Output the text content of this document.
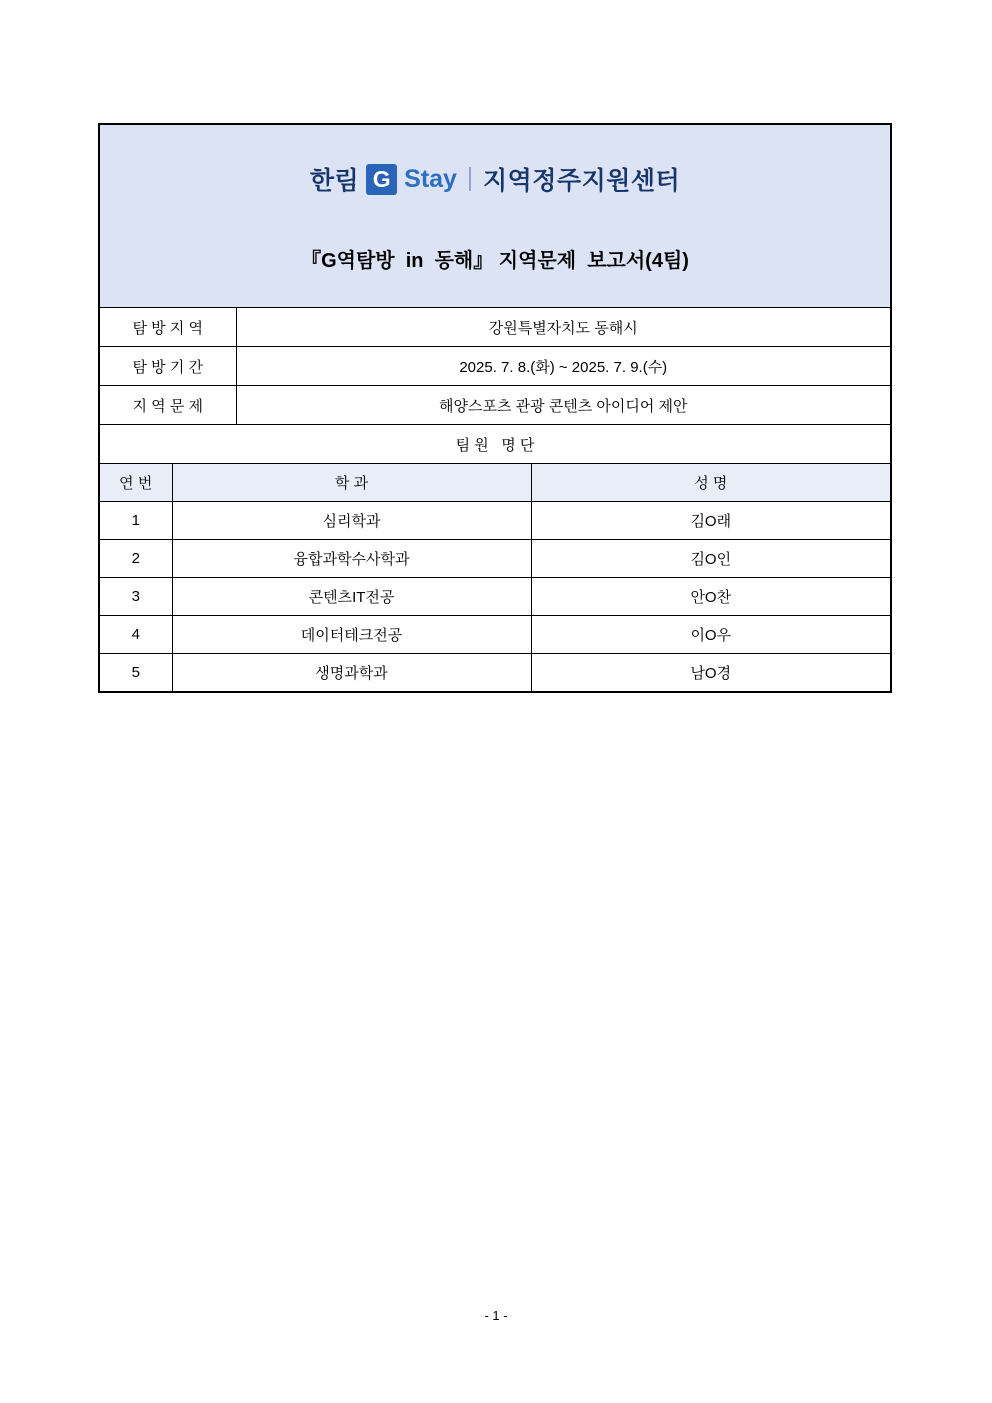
한림 G Stay 지역정주지원센터

『G역탐방  in  동해』 지역문제  보고서(4팀)			

탐 방 지 역		강원특별자치도 동해시	
탐 방 기 간		2025. 7. 8.(화) ~ 2025. 7. 9.(수)	
지 역 문 제		해양스포츠 관광 콘텐츠 아이디어 제안	
팀 원   명 단			
연 번	학 과		성 명
1	심리학과		김O래
2	융합과학수사학과		김O인
3	콘텐츠IT전공		안O찬
4	데이터테크전공		이O우
5	생명과학과		남O경
- 1 -
